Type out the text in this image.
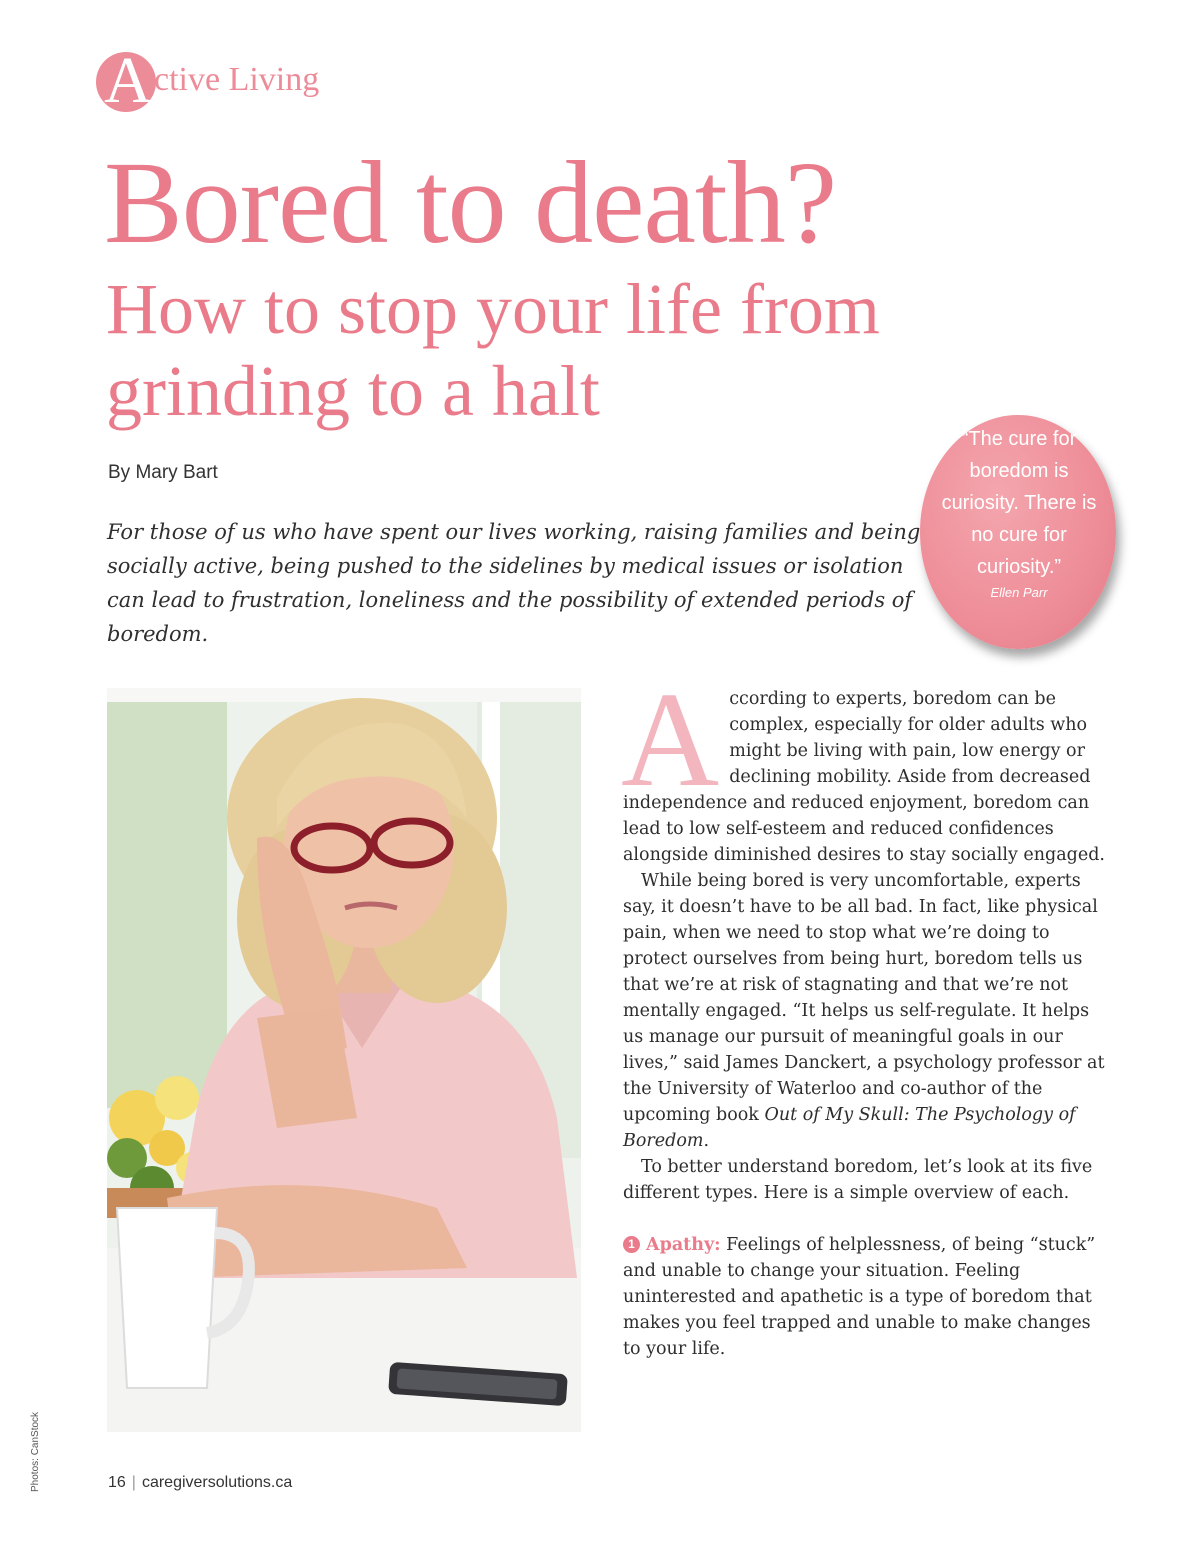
A ctive Living
Bored to death?
How to stop your life from grinding to a halt
By Mary Bart

For those of us who have spent our lives working, raising families and being socially active, being pushed to the sidelines by medical issues or isolation can lead to frustration, loneliness and the possibility of extended periods of boredom.

“The cure for boredom is curiosity. There is no cure for curiosity.”
Ellen Parr

According to experts, boredom can be complex, especially for older adults who might be living with pain, low energy or declining mobility. Aside from decreased independence and reduced enjoyment, boredom can lead to low self-esteem and reduced confidences alongside diminished desires to stay socially engaged.

While being bored is very uncomfortable, experts say, it doesn’t have to be all bad. In fact, like physical pain, when we need to stop what we’re doing to protect ourselves from being hurt, boredom tells us that we’re at risk of stagnating and that we’re not mentally engaged. “It helps us self-regulate. It helps us manage our pursuit of meaningful goals in our lives,” said James Danckert, a psychology professor at the University of Waterloo and co-author of the upcoming book Out of My Skull: The Psychology of Boredom.

To better understand boredom, let’s look at its five different types. Here is a simple overview of each.

1 Apathy: Feelings of helplessness, of being “stuck” and unable to change your situation. Feeling uninterested and apathetic is a type of boredom that makes you feel trapped and unable to make changes to your life.

Photos: CanStock	16 | caregiversolutions.ca
